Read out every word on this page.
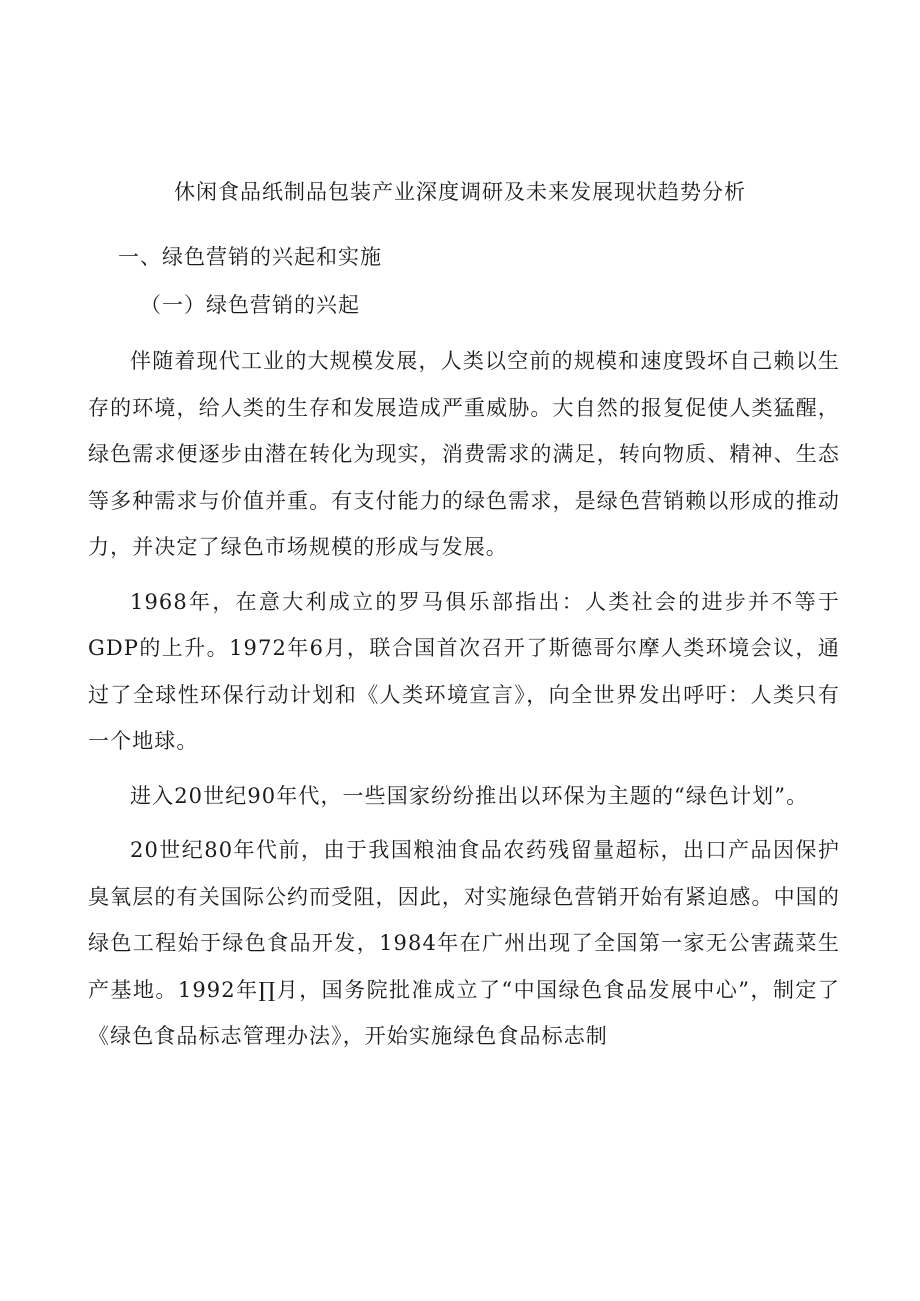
休闲食品纸制品包装产业深度调研及未来发展现状趋势分析
一、绿色营销的兴起和实施
（一）绿色营销的兴起

伴随着现代工业的大规模发展，人类以空前的规模和速度毁坏自己赖以生存的环境，给人类的生存和发展造成严重威胁。大自然的报复促使人类猛醒，绿色需求便逐步由潜在转化为现实，消费需求的满足，转向物质、精神、生态等多种需求与价值并重。有支付能力的绿色需求，是绿色营销赖以形成的推动力，并决定了绿色市场规模的形成与发展。

1968年，在意大利成立的罗马俱乐部指出：人类社会的进步并不等于GDP的上升。1972年6月，联合国首次召开了斯德哥尔摩人类环境会议，通过了全球性环保行动计划和《人类环境宣言》，向全世界发出呼吁：人类只有一个地球。

进入20世纪90年代，一些国家纷纷推出以环保为主题的“绿色计划”。

20世纪80年代前，由于我国粮油食品农药残留量超标，出口产品因保护臭氧层的有关国际公约而受阻，因此，对实施绿色营销开始有紧迫感。中国的绿色工程始于绿色食品开发，1984年在广州出现了全国第一家无公害蔬菜生产基地。1992年∏月，国务院批准成立了“中国绿色食品发展中心”，制定了《绿色食品标志管理办法》，开始实施绿色食品标志制
